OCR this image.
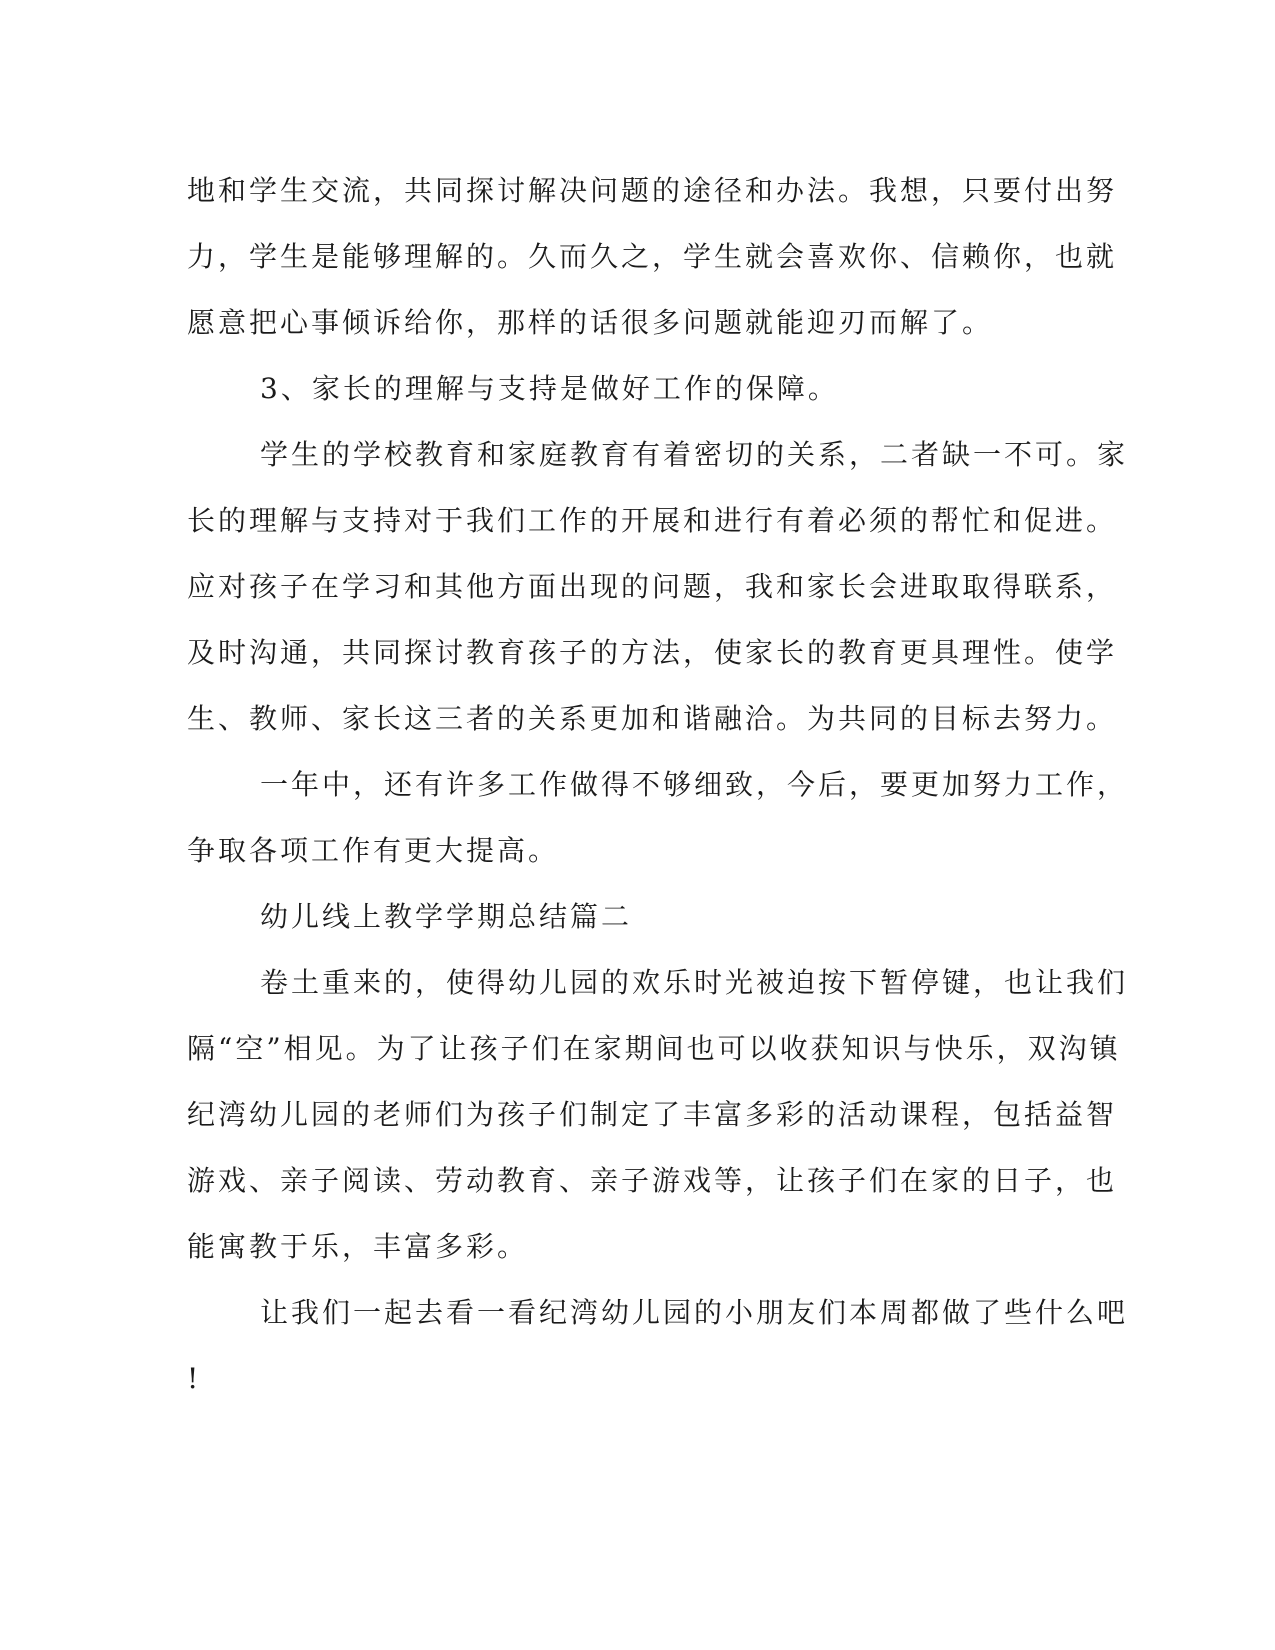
地和学生交流，共同探讨解决问题的途径和办法。我想，只要付出努
力，学生是能够理解的。久而久之，学生就会喜欢你、信赖你，也就
愿意把心事倾诉给你，那样的话很多问题就能迎刃而解了。
3、家长的理解与支持是做好工作的保障。
学生的学校教育和家庭教育有着密切的关系，二者缺一不可。家
长的理解与支持对于我们工作的开展和进行有着必须的帮忙和促进。
应对孩子在学习和其他方面出现的问题，我和家长会进取取得联系，
及时沟通，共同探讨教育孩子的方法，使家长的教育更具理性。使学
生、教师、家长这三者的关系更加和谐融洽。为共同的目标去努力。
一年中，还有许多工作做得不够细致，今后，要更加努力工作，
争取各项工作有更大提高。
幼儿线上教学学期总结篇二
卷土重来的，使得幼儿园的欢乐时光被迫按下暂停键，也让我们
隔“空”相见。为了让孩子们在家期间也可以收获知识与快乐，双沟镇
纪湾幼儿园的老师们为孩子们制定了丰富多彩的活动课程，包括益智
游戏、亲子阅读、劳动教育、亲子游戏等，让孩子们在家的日子，也
能寓教于乐，丰富多彩。
让我们一起去看一看纪湾幼儿园的小朋友们本周都做了些什么吧
!
